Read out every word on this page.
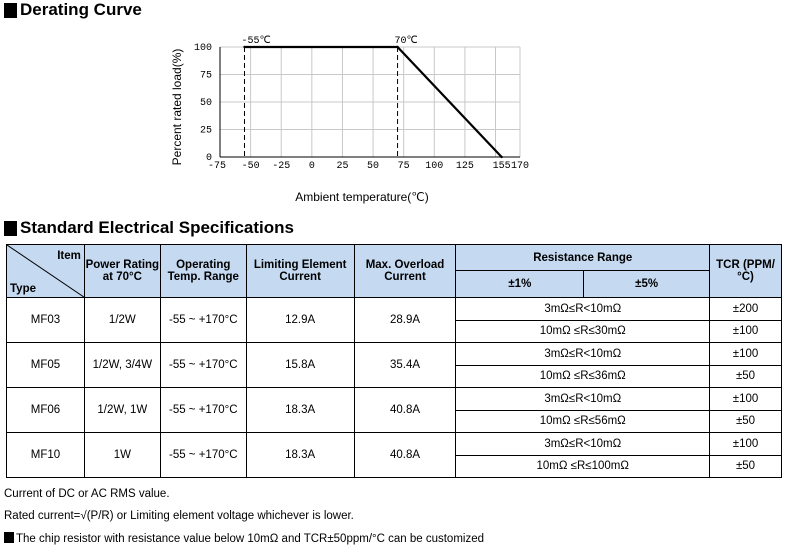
Derating Curve
-75 -50 -25 0 25 50 75 100 125 155 170
0
25
50
75
100
-55℃	70℃
Percent rated load(%)
Ambient temperature(℃)
Standard Electrical Specifications
Item
Type	Power Rating at 70°C	Operating Temp. Range	Limiting Element Current	Max. Overload Current	Resistance Range		TCR (PPM/°C)
					±1%	±5%	
MF03	1/2W	-55 ~ +170°C	12.9A	28.9A	3mΩ≤R<10mΩ		±200
					10mΩ ≤R≤30mΩ		±100
MF05	1/2W, 3/4W	-55 ~ +170°C	15.8A	35.4A	3mΩ≤R<10mΩ		±100
					10mΩ ≤R≤36mΩ		±50
MF06	1/2W, 1W	-55 ~ +170°C	18.3A	40.8A	3mΩ≤R<10mΩ		±100
					10mΩ ≤R≤56mΩ		±50
MF10	1W	-55 ~ +170°C	18.3A	40.8A	3mΩ≤R<10mΩ		±100
					10mΩ ≤R≤100mΩ		±50
Current of DC or AC RMS value.
Rated current=√(P/R) or Limiting element voltage whichever is lower.
The chip resistor with resistance value below 10mΩ and TCR±50ppm/°C can be customized
